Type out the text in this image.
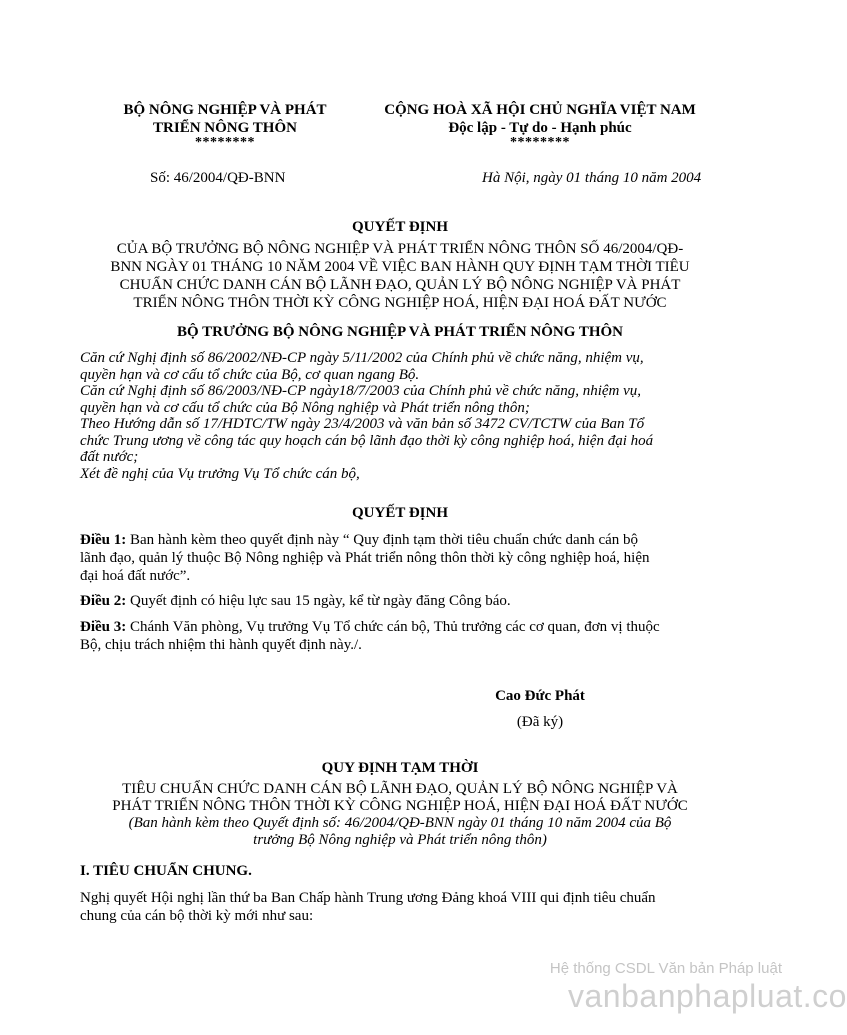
BỘ NÔNG NGHIỆP VÀ PHÁT
TRIỂN NÔNG THÔN
********
CỘNG HOÀ XÃ HỘI CHỦ NGHĨA VIỆT NAM
Độc lập - Tự do - Hạnh phúc
********
Số: 46/2004/QĐ-BNN	Hà Nội, ngày 01 tháng 10 năm 2004
QUYẾT ĐỊNH
CỦA BỘ TRƯỞNG BỘ NÔNG NGHIỆP VÀ PHÁT TRIỂN NÔNG THÔN SỐ 46/2004/QĐ-
BNN NGÀY 01 THÁNG 10 NĂM 2004 VỀ VIỆC BAN HÀNH QUY ĐỊNH TẠM THỜI TIÊU
CHUẨN CHỨC DANH CÁN BỘ LÃNH ĐẠO, QUẢN LÝ BỘ NÔNG NGHIỆP VÀ PHÁT
TRIỂN NÔNG THÔN THỜI KỲ CÔNG NGHIỆP HOÁ, HIỆN ĐẠI HOÁ ĐẤT NƯỚC
BỘ TRƯỞNG BỘ NÔNG NGHIỆP VÀ PHÁT TRIỂN NÔNG THÔN
Căn cứ Nghị định số 86/2002/NĐ-CP ngày 5/11/2002 của Chính phủ về chức năng, nhiệm vụ,
quyền hạn và cơ cấu tổ chức của Bộ, cơ quan ngang Bộ.
Căn cứ Nghị định số 86/2003/NĐ-CP ngày18/7/2003 của Chính phủ về chức năng, nhiệm vụ,
quyền hạn và cơ cấu tổ chức của Bộ Nông nghiệp và Phát triển nông thôn;
Theo Hướng dẫn số 17/HDTC/TW ngày 23/4/2003 và văn bản số 3472 CV/TCTW của Ban Tổ
chức Trung ương về công tác quy hoạch cán bộ lãnh đạo thời kỳ công nghiệp hoá, hiện đại hoá
đất nước;
Xét đề nghị của Vụ trưởng Vụ Tổ chức cán bộ,
QUYẾT ĐỊNH
Điều 1: Ban hành kèm theo quyết định này “ Quy định tạm thời tiêu chuẩn chức danh cán bộ
lãnh đạo, quản lý thuộc Bộ Nông nghiệp và Phát triển nông thôn thời kỳ công nghiệp hoá, hiện
đại hoá đất nước”.
Điều 2: Quyết định có hiệu lực sau 15 ngày, kể từ ngày đăng Công báo.
Điều 3: Chánh Văn phòng, Vụ trưởng Vụ Tổ chức cán bộ, Thủ trưởng các cơ quan, đơn vị thuộc
Bộ, chịu trách nhiệm thi hành quyết định này./.
Cao Đức Phát
(Đã ký)
QUY ĐỊNH TẠM THỜI
TIÊU CHUẨN CHỨC DANH CÁN BỘ LÃNH ĐẠO, QUẢN LÝ BỘ NÔNG NGHIỆP VÀ
PHÁT TRIỂN NÔNG THÔN THỜI KỲ CÔNG NGHIỆP HOÁ, HIỆN ĐẠI HOÁ ĐẤT NƯỚC
(Ban hành kèm theo Quyết định số: 46/2004/QĐ-BNN ngày 01 tháng 10 năm 2004 của Bộ
trưởng Bộ Nông nghiệp và Phát triển nông thôn)
I. TIÊU CHUẨN CHUNG.
Nghị quyết Hội nghị lần thứ ba Ban Chấp hành Trung ương Đảng khoá VIII qui định tiêu chuẩn
chung của cán bộ thời kỳ mới như sau:
Hệ thống CSDL Văn bản Pháp luật
vanbanphapluat.co
